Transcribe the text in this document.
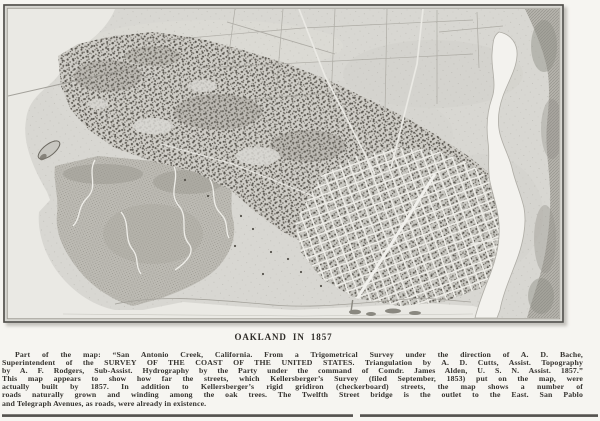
OAKLAND IN 1857
Part of the map: “San Antonio Creek, California. From a Trigometrical Survey under the direction of A. D. Bache,
Superintendent of the SURVEY OF THE COAST OF THE UNITED STATES. Triangulation by A. D. Cutts, Assist. Topography
by A. F. Rodgers, Sub-Assist. Hydrography by the Party under the command of Comdr. James Alden, U. S. N. Assist. 1857.”
This map appears to show how far the streets, which Kellersberger’s Survey (filed September, 1853) put on the map, were
actually built by 1857. In addition to Kellersberger’s rigid gridiron (checkerboard) streets, the map shows a number of
roads naturally grown and winding among the oak trees. The Twelfth Street bridge is the outlet to the East. San Pablo
and Telegraph Avenues, as roads, were already in existence.
